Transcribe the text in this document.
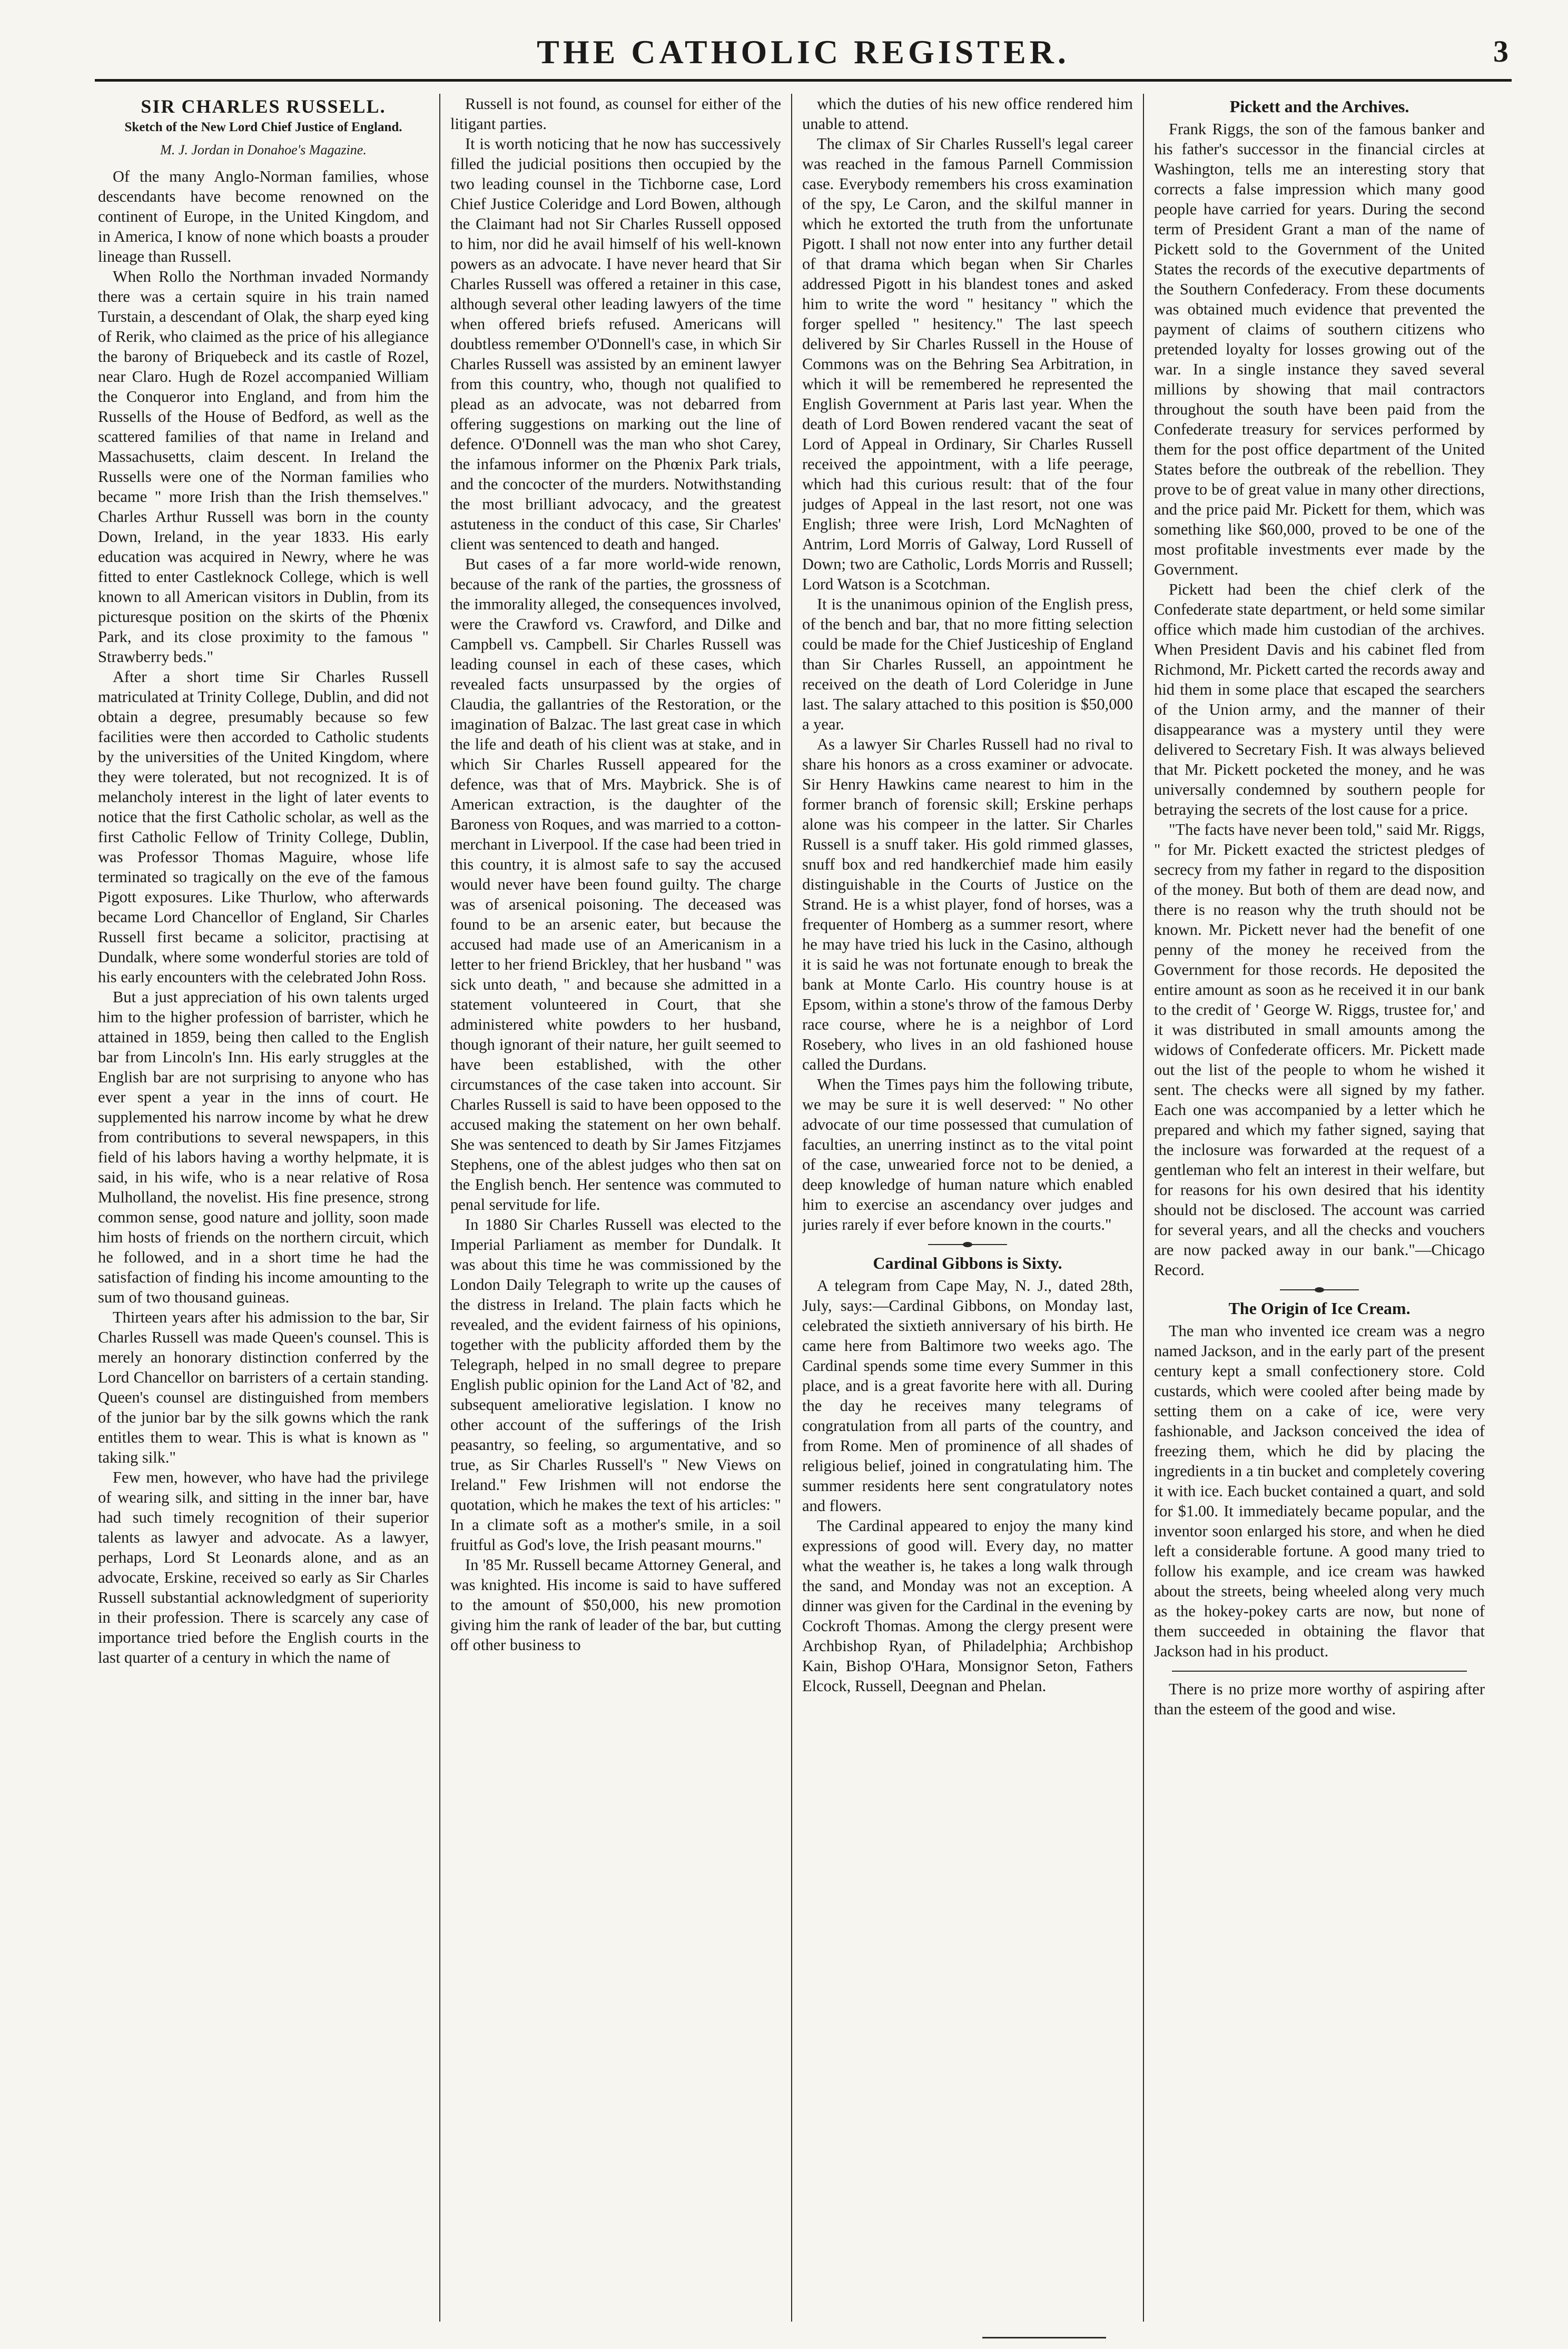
THE CATHOLIC REGISTER.	3
SIR CHARLES RUSSELL.
Sketch of the New Lord Chief Justice of England.
M. J. Jordan in Donahoe's Magazine.

Of the many Anglo-Norman families, whose descendants have become renowned on the continent of Europe, in the United Kingdom, and in America, I know of none which boasts a prouder lineage than Russell.

When Rollo the Northman invaded Normandy there was a certain squire in his train named Turstain, a descendant of Olak, the sharp eyed king of Rerik, who claimed as the price of his allegiance the barony of Briquebeck and its castle of Rozel, near Claro. Hugh de Rozel accompanied William the Conqueror into England, and from him the Russells of the House of Bedford, as well as the scattered families of that name in Ireland and Massachusetts, claim descent. In Ireland the Russells were one of the Norman families who became " more Irish than the Irish themselves." Charles Arthur Russell was born in the county Down, Ireland, in the year 1833. His early education was acquired in Newry, where he was fitted to enter Castleknock College, which is well known to all American visitors in Dublin, from its picturesque position on the skirts of the Phœnix Park, and its close proximity to the famous " Strawberry beds."

After a short time Sir Charles Russell matriculated at Trinity College, Dublin, and did not obtain a degree, presumably because so few facilities were then accorded to Catholic students by the universities of the United Kingdom, where they were tolerated, but not recognized. It is of melancholy interest in the light of later events to notice that the first Catholic scholar, as well as the first Catholic Fellow of Trinity College, Dublin, was Professor Thomas Maguire, whose life terminated so tragically on the eve of the famous Pigott exposures. Like Thurlow, who afterwards became Lord Chancellor of England, Sir Charles Russell first became a solicitor, practising at Dundalk, where some wonderful stories are told of his early encounters with the celebrated John Ross.

But a just appreciation of his own talents urged him to the higher profession of barrister, which he attained in 1859, being then called to the English bar from Lincoln's Inn. His early struggles at the English bar are not surprising to anyone who has ever spent a year in the inns of court. He supplemented his narrow income by what he drew from contributions to several newspapers, in this field of his labors having a worthy helpmate, it is said, in his wife, who is a near relative of Rosa Mulholland, the novelist. His fine presence, strong common sense, good nature and jollity, soon made him hosts of friends on the northern circuit, which he followed, and in a short time he had the satisfaction of finding his income amounting to the sum of two thousand guineas.

Thirteen years after his admission to the bar, Sir Charles Russell was made Queen's counsel. This is merely an honorary distinction conferred by the Lord Chancellor on barristers of a certain standing. Queen's counsel are distinguished from members of the junior bar by the silk gowns which the rank entitles them to wear. This is what is known as " taking silk."

Few men, however, who have had the privilege of wearing silk, and sitting in the inner bar, have had such timely recognition of their superior talents as lawyer and advocate. As a lawyer, perhaps, Lord St Leonards alone, and as an advocate, Erskine, received so early as Sir Charles Russell substantial acknowledgment of superiority in their profession. There is scarcely any case of importance tried before the English courts in the last quarter of a century in which the name of

Russell is not found, as counsel for either of the litigant parties.

It is worth noticing that he now has successively filled the judicial positions then occupied by the two leading counsel in the Tichborne case, Lord Chief Justice Coleridge and Lord Bowen, although the Claimant had not Sir Charles Russell opposed to him, nor did he avail himself of his well-known powers as an advocate. I have never heard that Sir Charles Russell was offered a retainer in this case, although several other leading lawyers of the time when offered briefs refused. Americans will doubtless remember O'Donnell's case, in which Sir Charles Russell was assisted by an eminent lawyer from this country, who, though not qualified to plead as an advocate, was not debarred from offering suggestions on marking out the line of defence. O'Donnell was the man who shot Carey, the infamous informer on the Phœnix Park trials, and the concocter of the murders. Notwithstanding the most brilliant advocacy, and the greatest astuteness in the conduct of this case, Sir Charles' client was sentenced to death and hanged.

But cases of a far more world-wide renown, because of the rank of the parties, the grossness of the immorality alleged, the consequences involved, were the Crawford vs. Crawford, and Dilke and Campbell vs. Campbell. Sir Charles Russell was leading counsel in each of these cases, which revealed facts unsurpassed by the orgies of Claudia, the gallantries of the Restoration, or the imagination of Balzac. The last great case in which the life and death of his client was at stake, and in which Sir Charles Russell appeared for the defence, was that of Mrs. Maybrick. She is of American extraction, is the daughter of the Baroness von Roques, and was married to a cotton-merchant in Liverpool. If the case had been tried in this country, it is almost safe to say the accused would never have been found guilty. The charge was of arsenical poisoning. The deceased was found to be an arsenic eater, but because the accused had made use of an Americanism in a letter to her friend Brickley, that her husband " was sick unto death, " and because she admitted in a statement volunteered in Court, that she administered white powders to her husband, though ignorant of their nature, her guilt seemed to have been established, with the other circumstances of the case taken into account. Sir Charles Russell is said to have been opposed to the accused making the statement on her own behalf. She was sentenced to death by Sir James Fitzjames Stephens, one of the ablest judges who then sat on the English bench. Her sentence was commuted to penal servitude for life.

In 1880 Sir Charles Russell was elected to the Imperial Parliament as member for Dundalk. It was about this time he was commissioned by the London Daily Telegraph to write up the causes of the distress in Ireland. The plain facts which he revealed, and the evident fairness of his opinions, together with the publicity afforded them by the Telegraph, helped in no small degree to prepare English public opinion for the Land Act of '82, and subsequent ameliorative legislation. I know no other account of the sufferings of the Irish peasantry, so feeling, so argumentative, and so true, as Sir Charles Russell's " New Views on Ireland." Few Irishmen will not endorse the quotation, which he makes the text of his articles: " In a climate soft as a mother's smile, in a soil fruitful as God's love, the Irish peasant mourns."

In '85 Mr. Russell became Attorney General, and was knighted. His income is said to have suffered to the amount of $50,000, his new promotion giving him the rank of leader of the bar, but cutting off other business to

which the duties of his new office rendered him unable to attend.

The climax of Sir Charles Russell's legal career was reached in the famous Parnell Commission case. Everybody remembers his cross examination of the spy, Le Caron, and the skilful manner in which he extorted the truth from the unfortunate Pigott. I shall not now enter into any further detail of that drama which began when Sir Charles addressed Pigott in his blandest tones and asked him to write the word " hesitancy " which the forger spelled " hesitency." The last speech delivered by Sir Charles Russell in the House of Commons was on the Behring Sea Arbitration, in which it will be remembered he represented the English Government at Paris last year. When the death of Lord Bowen rendered vacant the seat of Lord of Appeal in Ordinary, Sir Charles Russell received the appointment, with a life peerage, which had this curious result: that of the four judges of Appeal in the last resort, not one was English; three were Irish, Lord McNaghten of Antrim, Lord Morris of Galway, Lord Russell of Down; two are Catholic, Lords Morris and Russell; Lord Watson is a Scotchman.

It is the unanimous opinion of the English press, of the bench and bar, that no more fitting selection could be made for the Chief Justiceship of England than Sir Charles Russell, an appointment he received on the death of Lord Coleridge in June last. The salary attached to this position is $50,000 a year.

As a lawyer Sir Charles Russell had no rival to share his honors as a cross examiner or advocate. Sir Henry Hawkins came nearest to him in the former branch of forensic skill; Erskine perhaps alone was his compeer in the latter. Sir Charles Russell is a snuff taker. His gold rimmed glasses, snuff box and red handkerchief made him easily distinguishable in the Courts of Justice on the Strand. He is a whist player, fond of horses, was a frequenter of Homberg as a summer resort, where he may have tried his luck in the Casino, although it is said he was not fortunate enough to break the bank at Monte Carlo. His country house is at Epsom, within a stone's throw of the famous Derby race course, where he is a neighbor of Lord Rosebery, who lives in an old fashioned house called the Durdans.

When the Times pays him the following tribute, we may be sure it is well deserved: " No other advocate of our time possessed that cumulation of faculties, an unerring instinct as to the vital point of the case, unwearied force not to be denied, a deep knowledge of human nature which enabled him to exercise an ascendancy over judges and juries rarely if ever before known in the courts."

Cardinal Gibbons is Sixty.

A telegram from Cape May, N. J., dated 28th, July, says:—Cardinal Gibbons, on Monday last, celebrated the sixtieth anniversary of his birth. He came here from Baltimore two weeks ago. The Cardinal spends some time every Summer in this place, and is a great favorite here with all. During the day he receives many telegrams of congratulation from all parts of the country, and from Rome. Men of prominence of all shades of religious belief, joined in congratulating him. The summer residents here sent congratulatory notes and flowers.

The Cardinal appeared to enjoy the many kind expressions of good will. Every day, no matter what the weather is, he takes a long walk through the sand, and Monday was not an exception. A dinner was given for the Cardinal in the evening by Cockroft Thomas. Among the clergy present were Archbishop Ryan, of Philadelphia; Archbishop Kain, Bishop O'Hara, Monsignor Seton, Fathers Elcock, Russell, Deegnan and Phelan.

Pickett and the Archives.

Frank Riggs, the son of the famous banker and his father's successor in the financial circles at Washington, tells me an interesting story that corrects a false impression which many good people have carried for years. During the second term of President Grant a man of the name of Pickett sold to the Government of the United States the records of the executive departments of the Southern Confederacy. From these documents was obtained much evidence that prevented the payment of claims of southern citizens who pretended loyalty for losses growing out of the war. In a single instance they saved several millions by showing that mail contractors throughout the south have been paid from the Confederate treasury for services performed by them for the post office department of the United States before the outbreak of the rebellion. They prove to be of great value in many other directions, and the price paid Mr. Pickett for them, which was something like $60,000, proved to be one of the most profitable investments ever made by the Government.

Pickett had been the chief clerk of the Confederate state department, or held some similar office which made him custodian of the archives. When President Davis and his cabinet fled from Richmond, Mr. Pickett carted the records away and hid them in some place that escaped the searchers of the Union army, and the manner of their disappearance was a mystery until they were delivered to Secretary Fish. It was always believed that Mr. Pickett pocketed the money, and he was universally condemned by southern people for betraying the secrets of the lost cause for a price.

"The facts have never been told," said Mr. Riggs, " for Mr. Pickett exacted the strictest pledges of secrecy from my father in regard to the disposition of the money. But both of them are dead now, and there is no reason why the truth should not be known. Mr. Pickett never had the benefit of one penny of the money he received from the Government for those records. He deposited the entire amount as soon as he received it in our bank to the credit of ' George W. Riggs, trustee for,' and it was distributed in small amounts among the widows of Confederate officers. Mr. Pickett made out the list of the people to whom he wished it sent. The checks were all signed by my father. Each one was accompanied by a letter which he prepared and which my father signed, saying that the inclosure was forwarded at the request of a gentleman who felt an interest in their welfare, but for reasons for his own desired that his identity should not be disclosed. The account was carried for several years, and all the checks and vouchers are now packed away in our bank."—Chicago Record.

The Origin of Ice Cream.

The man who invented ice cream was a negro named Jackson, and in the early part of the present century kept a small confectionery store. Cold custards, which were cooled after being made by setting them on a cake of ice, were very fashionable, and Jackson conceived the idea of freezing them, which he did by placing the ingredients in a tin bucket and completely covering it with ice. Each bucket contained a quart, and sold for $1.00. It immediately became popular, and the inventor soon enlarged his store, and when he died left a considerable fortune. A good many tried to follow his example, and ice cream was hawked about the streets, being wheeled along very much as the hokey-pokey carts are now, but none of them succeeded in obtaining the flavor that Jackson had in his product.

There is no prize more worthy of aspiring after than the esteem of the good and wise.
